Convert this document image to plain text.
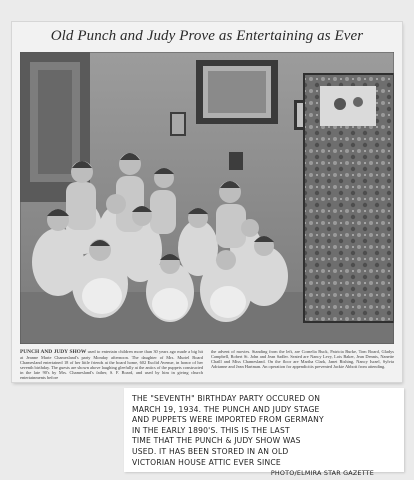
Old Punch and Judy Prove as Entertaining as Ever
PUNCH AND JUDY SHOW used to entertain children more than 30 years ago made a big hit at Jeanne Marie Chamesland's party Monday afternoon. The daughter of Mrs. Muriel Board Chamesland entertained 18 of her little friends at the board home, 602 Euclid Avenue, in honor of her seventh birthday. The guests are shown above laughing gleefully at the antics of the puppets constructed in the late 90's by Mrs. Chamesland's father, S. F. Board, and used by him in giving church entertainments before
the advent of movies. Standing from the left, are Cornelia Buck, Patricia Burke, Tom Board, Gladys Campbell, Robert St. John and Jean Sadler. Seated are Nancy Levy, Lois Baker, Jean Dennis, Nanette Chaill and Miss Chamesland. On the floor are Martha Clark, Janet Rishing, Nancy Israel, Sylvia Adrianne and Jean Hartman. An operation for appendicitis prevented Jackie Abbott from attending.
THE "SEVENTH" BIRTHDAY PARTY OCCURED ON
MARCH 19, 1934. THE PUNCH AND JUDY STAGE
AND PUPPETS WERE IMPORTED FROM GERMANY
IN THE EARLY 1890'S. THIS IS THE LAST
TIME THAT THE PUNCH & JUDY SHOW WAS
USED. IT HAS BEEN STORED IN AN OLD
VICTORIAN HOUSE ATTIC EVER SINCE
PHOTO/ELMIRA STAR GAZETTE
